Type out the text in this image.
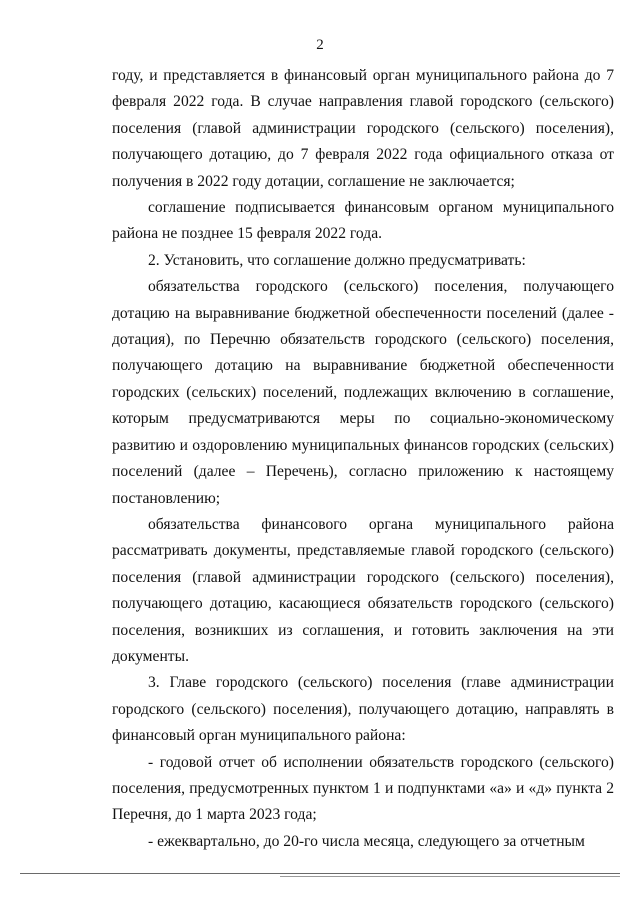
2

году, и представляется в финансовый орган муниципального района до 7 февраля 2022 года. В случае направления главой городского (сельского) поселения (главой администрации городского (сельского) поселения), получающего дотацию, до 7 февраля 2022 года официального отказа от получения в 2022 году дотации, соглашение не заключается;

соглашение подписывается финансовым органом муниципального района не позднее 15 февраля 2022 года.

2. Установить, что соглашение должно предусматривать:

обязательства городского (сельского) поселения, получающего дотацию на выравнивание бюджетной обеспеченности поселений (далее - дотация), по Перечню обязательств городского (сельского) поселения, получающего дотацию на выравнивание бюджетной обеспеченности городских (сельских) поселений, подлежащих включению в соглашение, которым предусматриваются меры по социально-экономическому развитию и оздоровлению муниципальных финансов городских (сельских) поселений (далее – Перечень), согласно приложению к настоящему постановлению;

обязательства финансового органа муниципального района рассматривать документы, представляемые главой городского (сельского) поселения (главой администрации городского (сельского) поселения), получающего дотацию, касающиеся обязательств городского (сельского) поселения, возникших из соглашения, и готовить заключения на эти документы.

3. Главе городского (сельского) поселения (главе администрации городского (сельского) поселения), получающего дотацию, направлять в финансовый орган муниципального района:

- годовой отчет об исполнении обязательств городского (сельского) поселения, предусмотренных пунктом 1 и подпунктами «а» и «д» пункта 2 Перечня, до 1 марта 2023 года;

- ежеквартально, до 20-го числа месяца, следующего за отчетным
